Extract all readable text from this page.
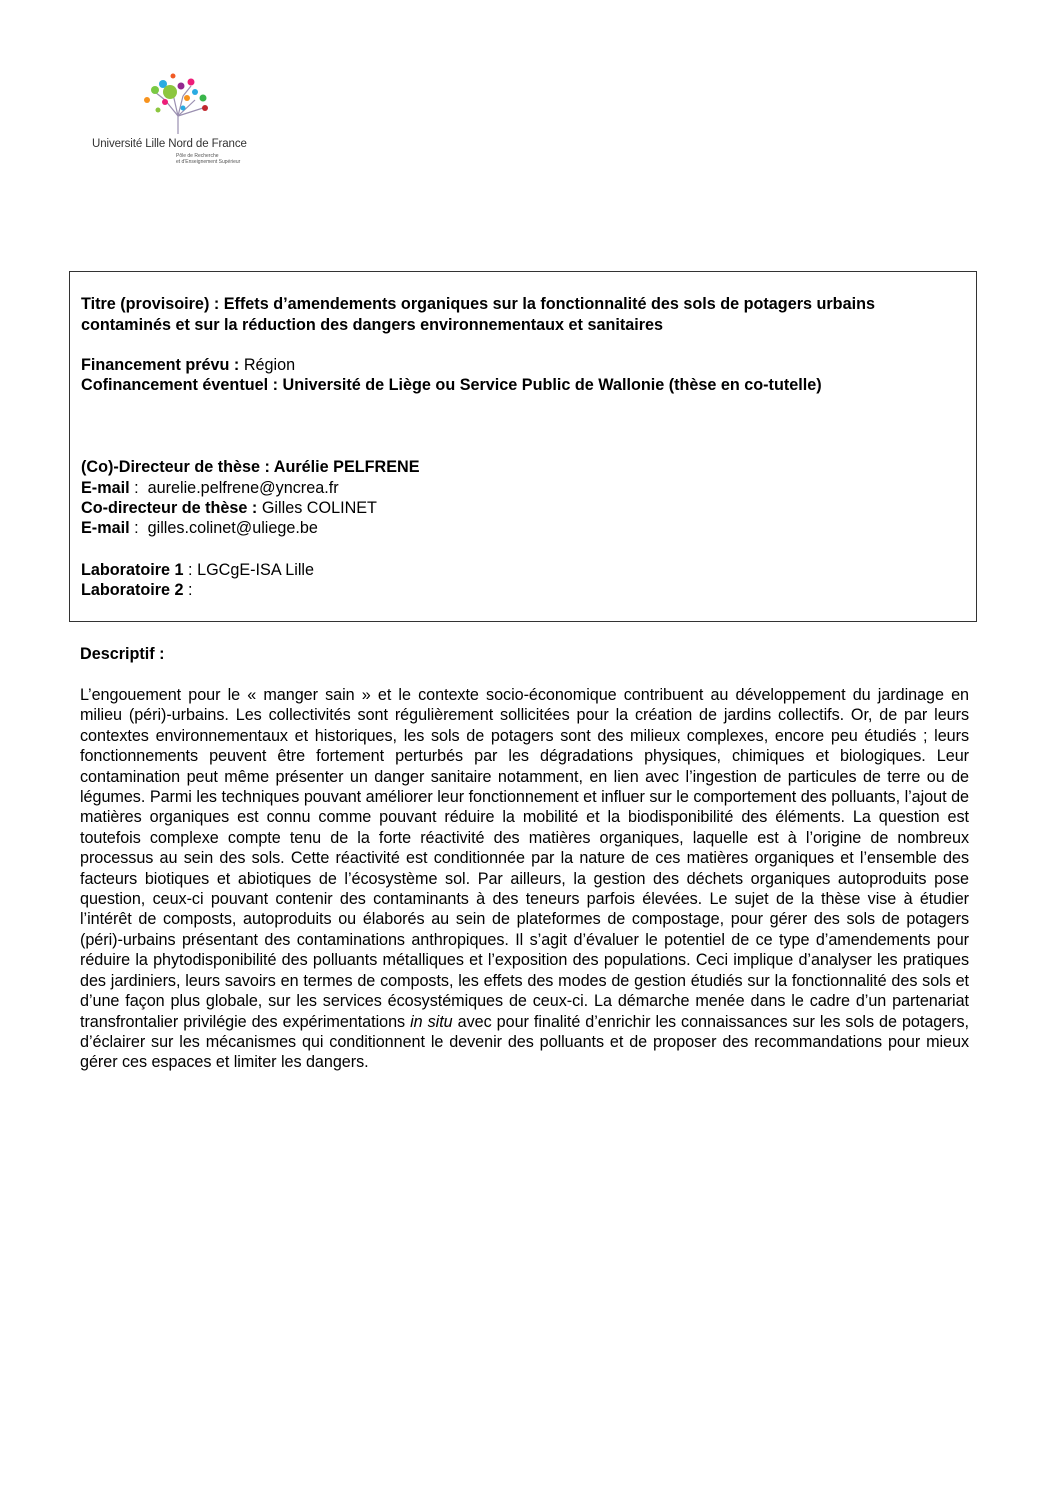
Université Lille Nord de France
Pôle de Recherche
et d'Enseignement Supérieur
Titre (provisoire) : Effets d’amendements organiques sur la fonctionnalité des sols de potagers urbains
contaminés et sur la réduction des dangers environnementaux et sanitaires
Financement prévu : Région
Cofinancement éventuel : Université de Liège ou Service Public de Wallonie (thèse en co-tutelle)
(Co)-Directeur de thèse : Aurélie PELFRENE
E-mail :  aurelie.pelfrene@yncrea.fr
Co-directeur de thèse : Gilles COLINET
E-mail :  gilles.colinet@uliege.be
Laboratoire 1 : LGCgE-ISA Lille
Laboratoire 2 :
Descriptif :
L’engouement pour le « manger sain » et le contexte socio-économique contribuent au développement du jardinage en milieu (péri)-urbains. Les collectivités sont régulièrement sollicitées pour la création de jardins collectifs. Or, de par leurs contextes environnementaux et historiques, les sols de potagers sont des milieux complexes, encore peu étudiés ; leurs fonctionnements peuvent être fortement perturbés par les dégradations physiques, chimiques et biologiques. Leur contamination peut même présenter un danger sanitaire notamment, en lien avec l’ingestion de particules de terre ou de légumes. Parmi les techniques pouvant améliorer leur fonctionnement et influer sur le comportement des polluants, l’ajout de matières organiques est connu comme pouvant réduire la mobilité et la biodisponibilité des éléments. La question est toutefois complexe compte tenu de la forte réactivité des matières organiques, laquelle est à l’origine de nombreux processus au sein des sols. Cette réactivité est conditionnée par la nature de ces matières organiques et l’ensemble des facteurs biotiques et abiotiques de l’écosystème sol. Par ailleurs, la gestion des déchets organiques autoproduits pose question, ceux-ci pouvant contenir des contaminants à des teneurs parfois élevées. Le sujet de la thèse vise à étudier l’intérêt de composts, autoproduits ou élaborés au sein de plateformes de compostage, pour gérer des sols de potagers (péri)-urbains présentant des contaminations anthropiques. Il s’agit d’évaluer le potentiel de ce type d’amendements pour réduire la phytodisponibilité des polluants métalliques et l’exposition des populations. Ceci implique d’analyser les pratiques des jardiniers, leurs savoirs en termes de composts, les effets des modes de gestion étudiés sur la fonctionnalité des sols et d’une façon plus globale, sur les services écosystémiques de ceux-ci. La démarche menée dans le cadre d’un partenariat transfrontalier privilégie des expérimentations in situ avec pour finalité d’enrichir les connaissances sur les sols de potagers, d’éclairer sur les mécanismes qui conditionnent le devenir des polluants et de proposer des recommandations pour mieux gérer ces espaces et limiter les dangers.
